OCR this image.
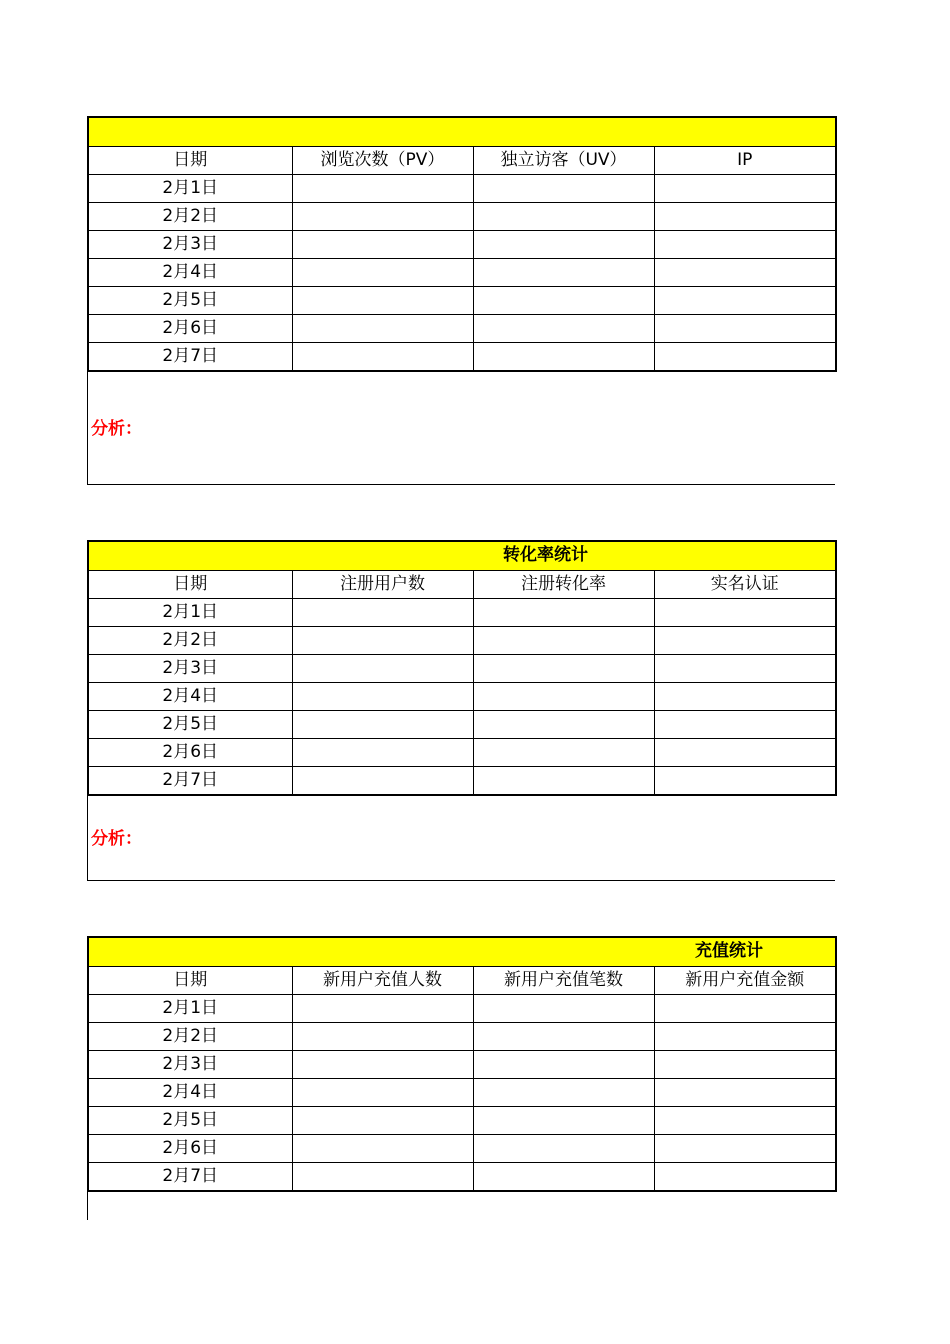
日期	浏览次数（PV）	独立访客（UV）	IP
2月1日			
2月2日			
2月3日			
2月4日			
2月5日			
2月6日			
2月7日			
分析：
转化率统计			

日期	注册用户数	注册转化率	实名认证
2月1日			
2月2日			
2月3日			
2月4日			
2月5日			
2月6日			
2月7日			
分析：
充值统计			

日期	新用户充值人数	新用户充值笔数	新用户充值金额
2月1日			
2月2日			
2月3日			
2月4日			
2月5日			
2月6日			
2月7日			
